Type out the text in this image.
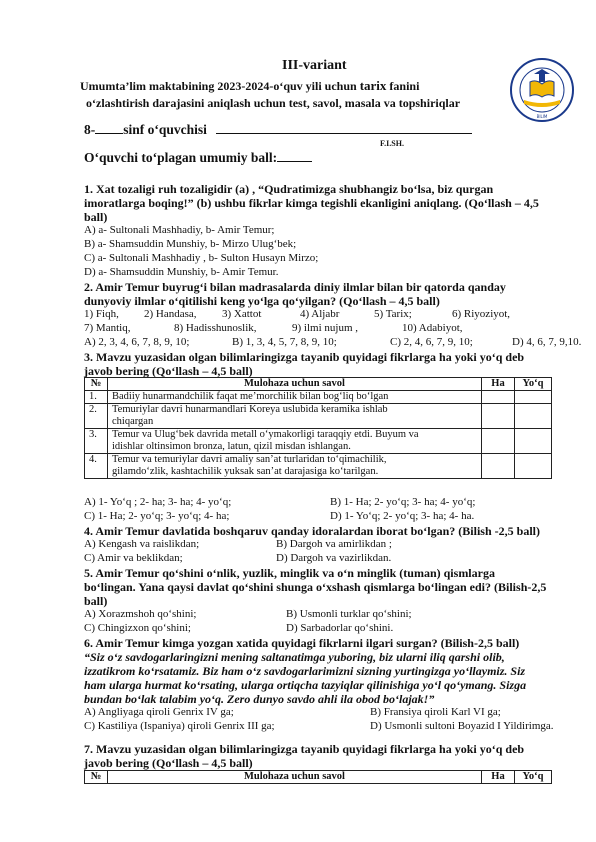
BILIM
III-variant
Umumta’lim maktabining 2023-2024-o‘quv yili uchun tarix fanini
o‘zlashtirish darajasini aniqlash uchun test, savol, masala va topshiriqlar
8- sinf o‘quvchisi
F.I.SH.
O‘quvchi to‘plagan umumiy ball:
1. Xat tozaligi ruh tozaligidir (a) , “Qudratimizga shubhangiz bo‘lsa, biz qurgan
imoratlarga boqing!” (b) ushbu fikrlar kimga tegishli ekanligini aniqlang. (Qo‘llash – 4,5
ball)
A) a- Sultonali Mashhadiy, b- Amir Temur;
B) a- Shamsuddin Munshiy, b- Mirzo Ulug‘bek;
C) a- Sultonali Mashhadiy , b- Sulton Husayn Mirzo;
D) a- Shamsuddin Munshiy, b- Amir Temur.
2. Amir Temur buyrug‘i bilan madrasalarda diniy ilmlar bilan bir qatorda qanday
dunyoviy ilmlar o‘qitilishi keng yo‘lga qo‘yilgan? (Qo‘llash – 4,5 ball)
1) Fiqh, 2) Handasa, 3) Xattot	4) Aljabr	5) Tarix;	6) Riyoziyot,
7) Mantiq,	8) Hadisshunoslik,	9) ilmi nujum ,	10) Adabiyot,
A) 2, 3, 4, 6, 7, 8, 9, 10;	B) 1, 3, 4, 5, 7, 8, 9, 10;	C) 2, 4, 6, 7, 9, 10;	D) 4, 6, 7, 9,10.
3. Mavzu yuzasidan olgan bilimlaringizga tayanib quyidagi fikrlarga ha yoki yo‘q deb
javob bering (Qo‘llash – 4,5 ball)
№	Mulohaza uchun savol	Ha	Yo‘q
1.	Badiiy hunarmandchilik faqat me’morchilik bilan bog‘liq bo‘lgan		
2.	Temuriylar davri hunarmandlari Koreya uslubida keramika ishlab
chiqargan		
3.	Temur va Ulug‘bek davrida metall o‘ymakorligi taraqqiy etdi. Buyum va
idishlar oltinsimon bronza, latun, qizil misdan ishlangan.		
4.	Temur va temuriylar davri amaliy san’at turlaridan to‘qimachilik,
gilamdo‘zlik, kashtachilik yuksak san’at darajasiga ko‘tarilgan.		
A) 1- Yo‘q ; 2- ha; 3- ha; 4- yo‘q;	B) 1- Ha; 2- yo‘q; 3- ha; 4- yo‘q;
C) 1- Ha; 2- yo‘q; 3- yo‘q; 4- ha;	D) 1- Yo‘q; 2- yo‘q; 3- ha; 4- ha.
4. Amir Temur davlatida boshqaruv qanday idoralardan iborat bo‘lgan? (Bilish -2,5 ball)
A) Kengash va raislikdan;	B) Dargoh va amirlikdan ;
C) Amir va beklikdan;	D) Dargoh va vazirlikdan.
5. Amir Temur qo‘shini o‘nlik, yuzlik, minglik va o‘n minglik (tuman) qismlarga
bo‘lingan. Yana qaysi davlat qo‘shini shunga o‘xshash qismlarga bo‘lingan edi? (Bilish-2,5
ball)
A) Xorazmshoh qo‘shini;	B) Usmonli turklar qo‘shini;
C) Chingizxon qo‘shini;	D) Sarbadorlar qo‘shini.
6. Amir Temur kimga yozgan xatida quyidagi fikrlarni ilgari surgan? (Bilish-2,5 ball)
“Siz o‘z savdogarlaringizni mening saltanatimga yuboring, biz ularni iliq qarshi olib,
izzatikrom ko‘rsatamiz. Biz ham o‘z savdogarlarimizni sizning yurtingizga yo‘llaymiz. Siz
ham ularga hurmat ko‘rsating, ularga ortiqcha tazyiqlar qilinishiga yo‘l qo‘ymang. Sizga
bundan bo‘lak talabim yo‘q. Zero dunyo savdo ahli ila obod bo‘lajak!”
A) Angliyaga qiroli Genrix IV ga;	B) Fransiya qiroli Karl VI ga;
C) Kastiliya (Ispaniya) qiroli Genrix III ga;	D) Usmonli sultoni Boyazid I Yildirimga.
7. Mavzu yuzasidan olgan bilimlaringizga tayanib quyidagi fikrlarga ha yoki yo‘q deb
javob bering (Qo‘llash – 4,5 ball)
№	Mulohaza uchun savol	Ha	Yo‘q
